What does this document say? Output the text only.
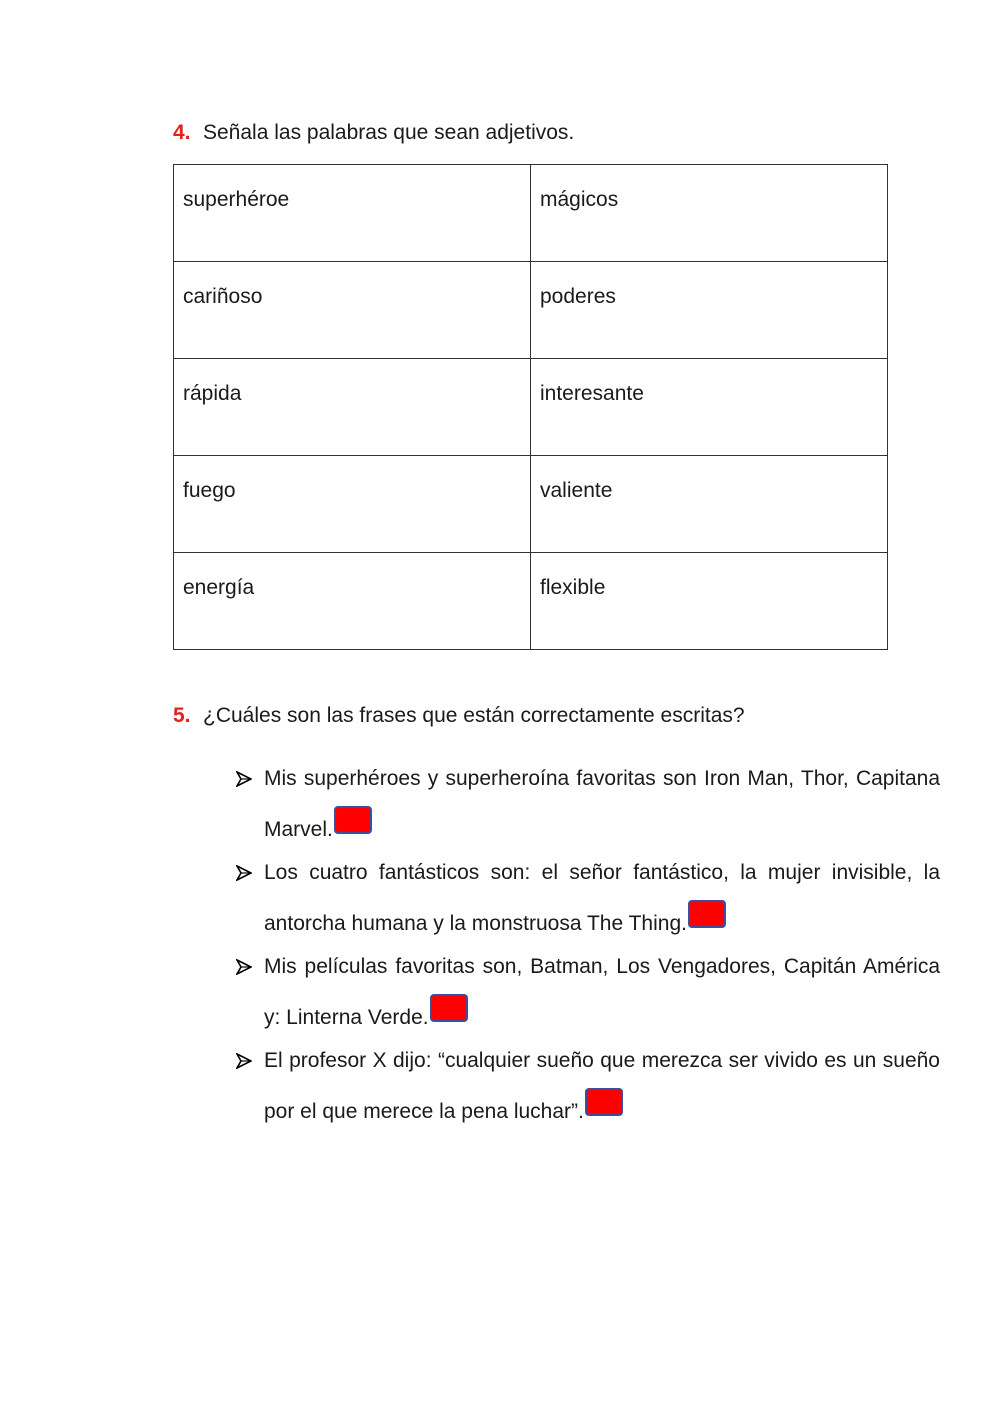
4. Señala las palabras que sean adjetivos.
superhéroe	mágicos
cariñoso	poderes
rápida	interesante
fuego	valiente
energía	flexible
5. ¿Cuáles son las frases que están correctamente escritas?
Mis superhéroes y superheroína favoritas son Iron Man, Thor, Capitana Marvel.
Los cuatro fantásticos son: el señor fantástico, la mujer invisible, la antorcha humana y la monstruosa The Thing.
Mis películas favoritas son, Batman, Los Vengadores, Capitán América y: Linterna Verde.
El profesor X dijo: “cualquier sueño que merezca ser vivido es un sueño por el que merece la pena luchar”.
